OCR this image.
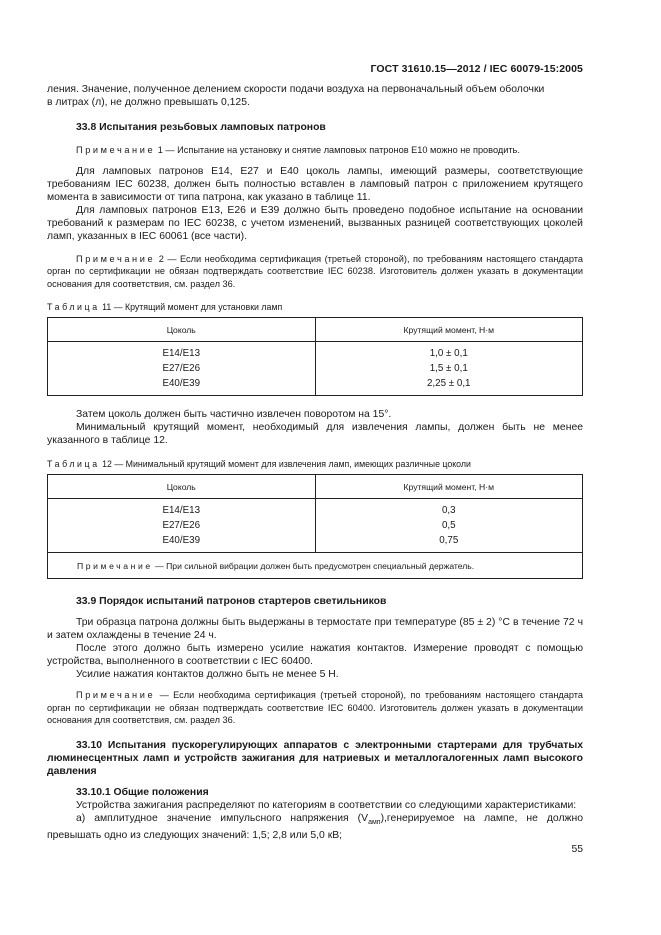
ГОСТ 31610.15—2012 / IEC 60079-15:2005

ления. Значение, полученное делением скорости подачи воздуха на первоначальный объем оболочки

в литрах (л), не должно превышать 0,125.

33.8 Испытания резьбовых ламповых патронов

Примечание 1 — Испытание на установку и снятие ламповых патронов E10 можно не проводить.

Для ламповых патронов E14, E27 и E40 цоколь лампы, имеющий размеры, соответствующие требованиям IEC 60238, должен быть полностью вставлен в ламповый патрон с приложением крутящего момента в зависимости от типа патрона, как указано в таблице 11.

Для ламповых патронов E13, E26 и E39 должно быть проведено подобное испытание на основании требований к размерам по IEC 60238, с учетом изменений, вызванных разницей соответствующих цоколей ламп, указанных в IEC 60061 (все части).

Примечание 2 — Если необходима сертификация (третьей стороной), по требованиям настоящего стандарта орган по сертификации не обязан подтверждать соответствие IEC 60238. Изготовитель должен указать в документации основания для соответствия, см. раздел 36.

Таблица 11 — Крутящий момент для установки ламп
Цоколь	Крутящий момент, Н·м
E14/E13	1,0 ± 0,1
E27/E26	1,5 ± 0,1
E40/E39	2,25 ± 0,1

Затем цоколь должен быть частично извлечен поворотом на 15°.

Минимальный крутящий момент, необходимый для извлечения лампы, должен быть не менее указанного в таблице 12.

Таблица 12 — Минимальный крутящий момент для извлечения ламп, имеющих различные цоколи
Цоколь	Крутящий момент, Н·м
E14/E13	0,3
E27/E26	0,5
E40/E39	0,75
Примечание — При сильной вибрации должен быть предусмотрен специальный держатель.	

33.9 Порядок испытаний патронов стартеров светильников

Три образца патрона должны быть выдержаны в термостате при температуре (85 ± 2) °С в течение 72 ч и затем охлаждены в течение 24 ч.

После этого должно быть измерено усилие нажатия контактов. Измерение проводят с помощью устройства, выполненного в соответствии с IEC 60400.

Усилие нажатия контактов должно быть не менее 5 Н.

Примечание — Если необходима сертификация (третьей стороной), по требованиям настоящего стандарта орган по сертификации не обязан подтверждать соответствие IEC 60400. Изготовитель должен указать в документации основания для соответствия, см. раздел 36.

33.10 Испытания пускорегулирующих аппаратов с электронными стартерами для трубчатых люминесцентных ламп и устройств зажигания для натриевых и металлогалогенных ламп высокого давления

33.10.1 Общие положения

Устройства зажигания распределяют по категориям в соответствии со следующими характеристиками:

а) амплитудное значение импульсного напряжения $(V_{амп}),генерируемое$ на лампе, не должно превышать одно из следующих значений: 1,5; 2,8 или 5,0 кВ;

55
